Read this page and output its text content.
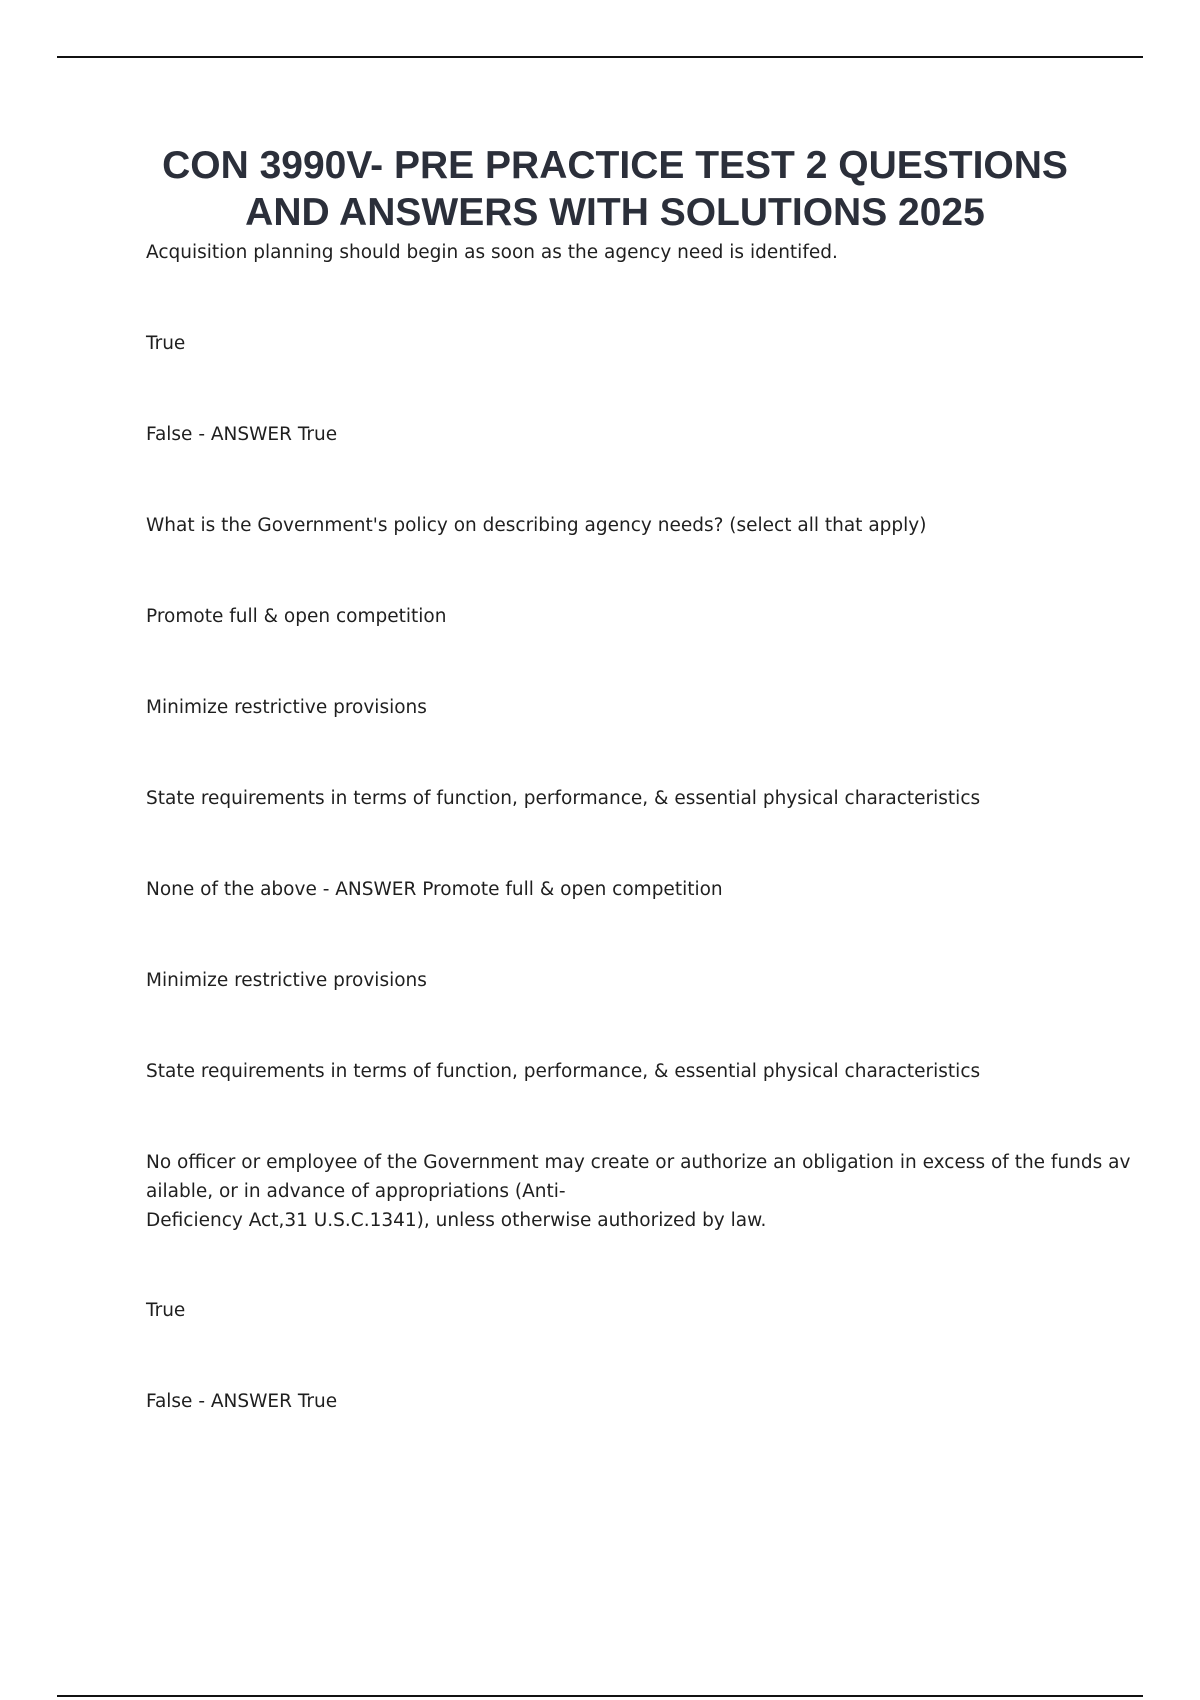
CON 3990V- PRE PRACTICE TEST 2 QUESTIONS
AND ANSWERS WITH SOLUTIONS 2025

Acquisition planning should begin as soon as the agency need is identifed.

True

False - ANSWER True

What is the Government's policy on describing agency needs? (select all that apply)

Promote full & open competition

Minimize restrictive provisions

State requirements in terms of function, performance, & essential physical characteristics

None of the above - ANSWER Promote full & open competition

Minimize restrictive provisions

State requirements in terms of function, performance, & essential physical characteristics

No officer or employee of the Government may create or authorize an obligation in excess of the funds av
ailable, or in advance of appropriations (Anti-
Deficiency Act,31 U.S.C.1341), unless otherwise authorized by law.

True

False - ANSWER True
